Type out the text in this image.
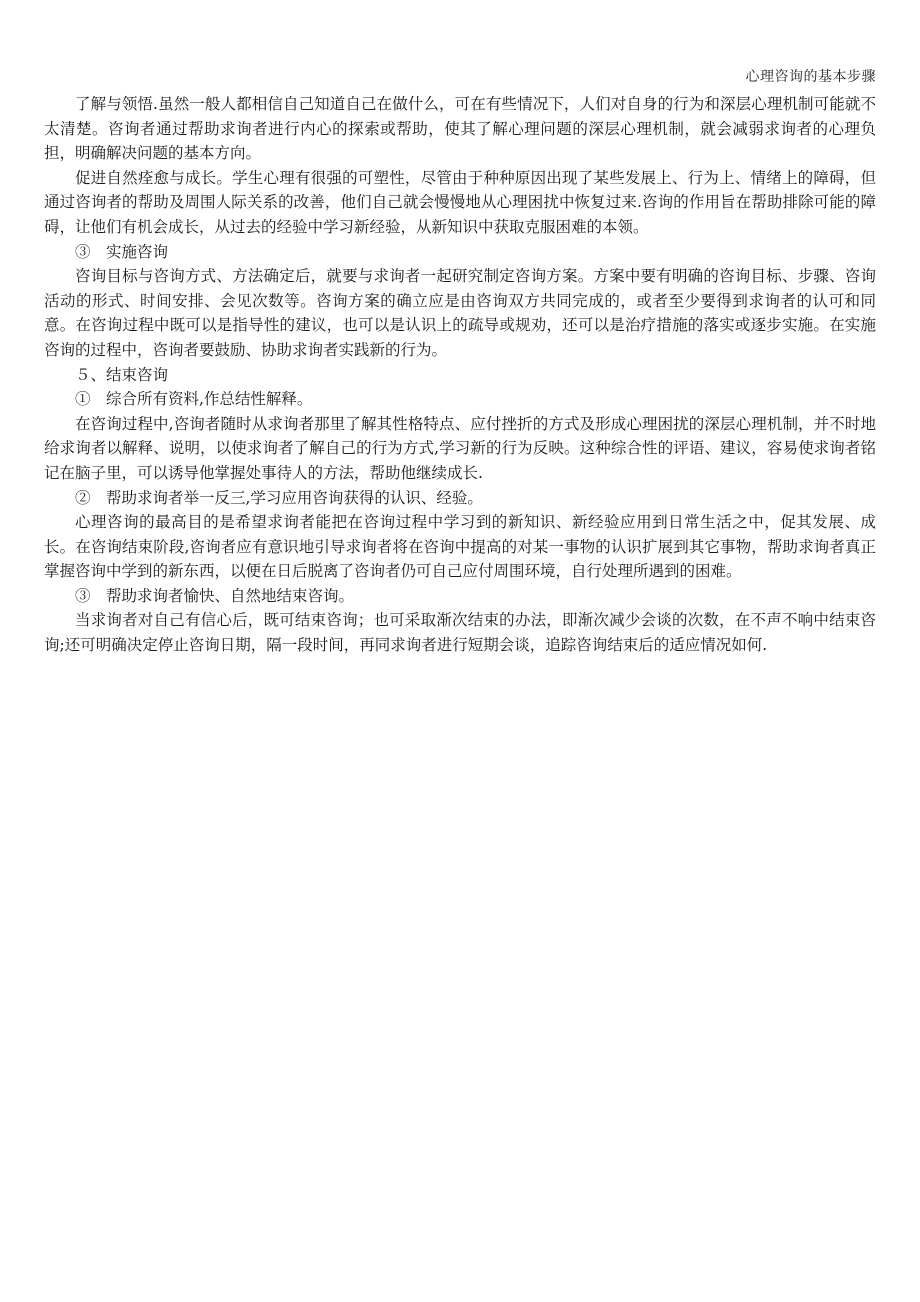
心理咨询的基本步骤

了解与领悟.虽然一般人都相信自己知道自己在做什么，可在有些情况下，人们对自身的行为和深层心理机制可能就不太清楚。咨询者通过帮助求询者进行内心的探索或帮助，使其了解心理问题的深层心理机制，就会减弱求询者的心理负担，明确解决问题的基本方向。

促进自然痊愈与成长。学生心理有很强的可塑性，尽管由于种种原因出现了某些发展上、行为上、情绪上的障碍，但通过咨询者的帮助及周围人际关系的改善，他们自己就会慢慢地从心理困扰中恢复过来.咨询的作用旨在帮助排除可能的障碍，让他们有机会成长，从过去的经验中学习新经验，从新知识中获取克服困难的本领。

③　实施咨询

咨询目标与咨询方式、方法确定后，就要与求询者一起研究制定咨询方案。方案中要有明确的咨询目标、步骤、咨询活动的形式、时间安排、会见次数等。咨询方案的确立应是由咨询双方共同完成的，或者至少要得到求询者的认可和同意。在咨询过程中既可以是指导性的建议，也可以是认识上的疏导或规劝，还可以是治疗措施的落实或逐步实施。在实施咨询的过程中，咨询者要鼓励、协助求询者实践新的行为。

５、结束咨询

①　综合所有资料,作总结性解释。

在咨询过程中,咨询者随时从求询者那里了解其性格特点、应付挫折的方式及形成心理困扰的深层心理机制，并不时地给求询者以解释、说明，以使求询者了解自己的行为方式,学习新的行为反映。这种综合性的评语、建议，容易使求询者铭记在脑子里，可以诱导他掌握处事待人的方法，帮助他继续成长.

②　帮助求询者举一反三,学习应用咨询获得的认识、经验。

心理咨询的最高目的是希望求询者能把在咨询过程中学习到的新知识、新经验应用到日常生活之中，促其发展、成长。在咨询结束阶段,咨询者应有意识地引导求询者将在咨询中提高的对某一事物的认识扩展到其它事物，帮助求询者真正掌握咨询中学到的新东西，以便在日后脱离了咨询者仍可自己应付周围环境，自行处理所遇到的困难。

③　帮助求询者愉快、自然地结束咨询。

当求询者对自己有信心后，既可结束咨询；也可采取渐次结束的办法，即渐次减少会谈的次数，在不声不响中结束咨询;还可明确决定停止咨询日期，隔一段时间，再同求询者进行短期会谈，追踪咨询结束后的适应情况如何.
